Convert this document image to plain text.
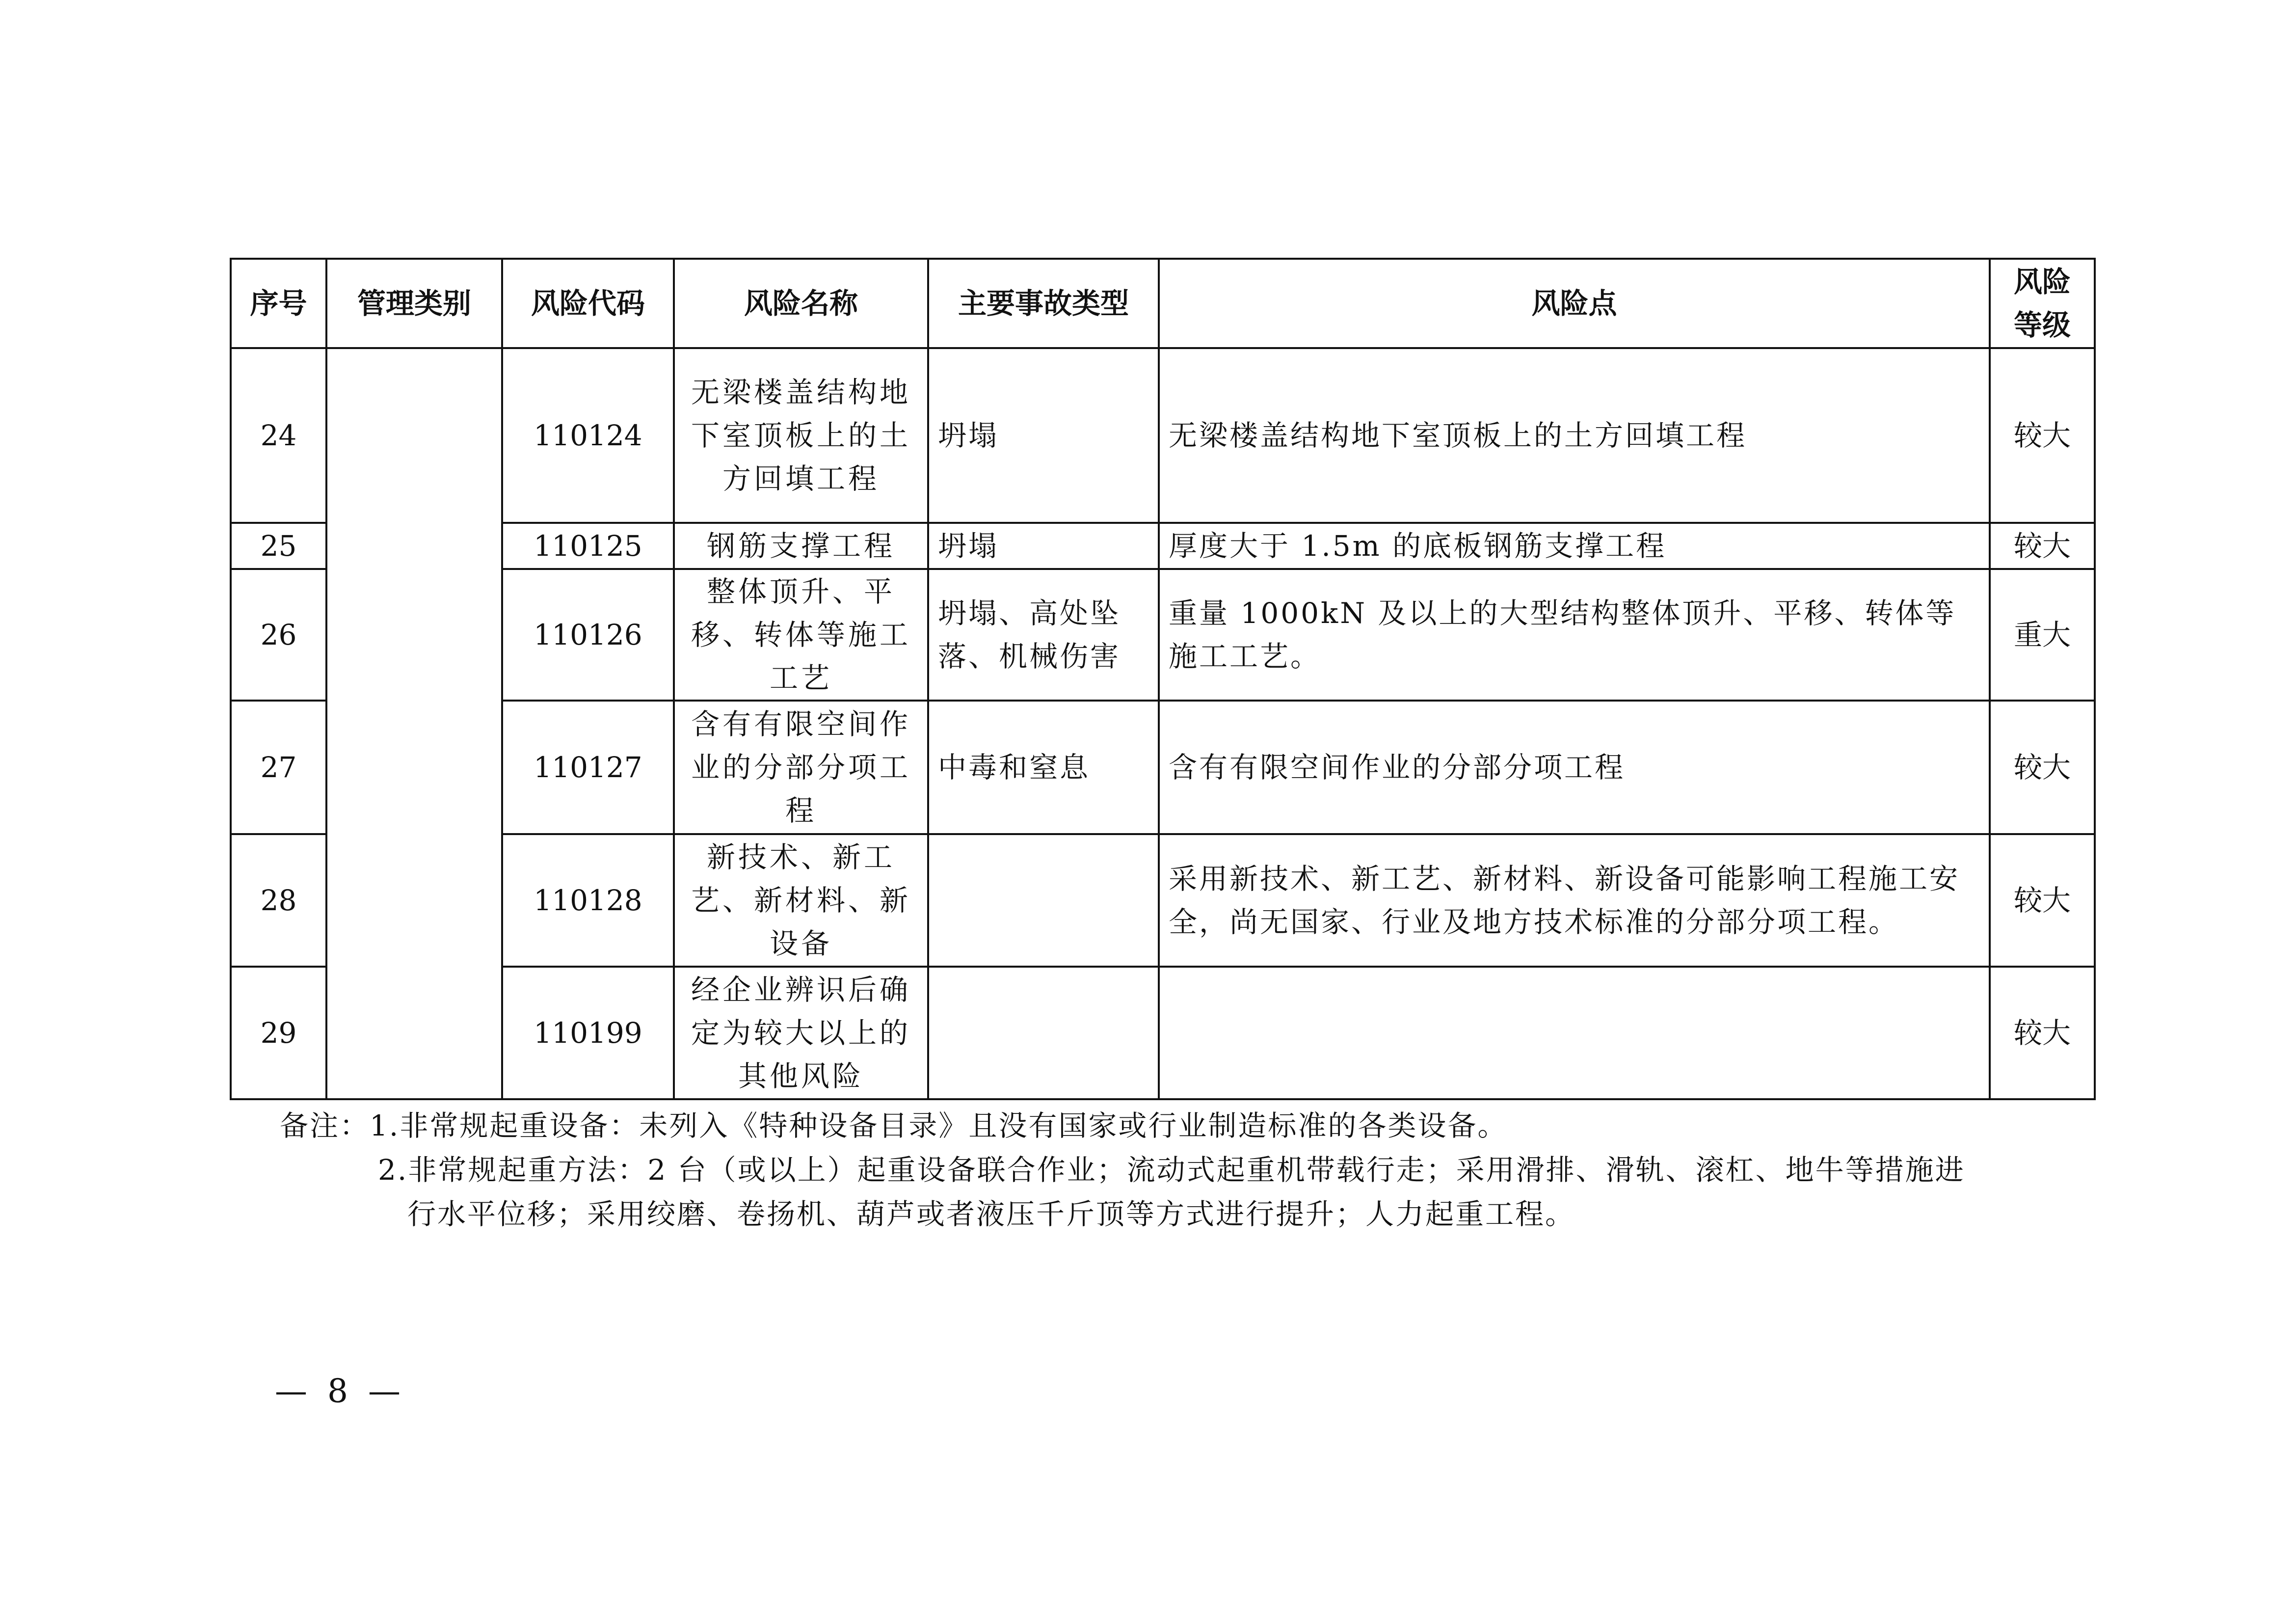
序号	管理类别	风险代码	风险名称	主要事故类型	风险点	风险等级
24		110124	无梁楼盖结构地下室顶板上的土方回填工程	坍塌	无梁楼盖结构地下室顶板上的土方回填工程	较大
25		110125	钢筋支撑工程	坍塌	厚度大于 1.5m 的底板钢筋支撑工程	较大
26		110126	整体顶升、平移、转体等施工工艺	坍塌、高处坠落、机械伤害	重量 1000kN 及以上的大型结构整体顶升、平移、转体等施工工艺。	重大
27		110127	含有有限空间作业的分部分项工程	中毒和窒息	含有有限空间作业的分部分项工程	较大
28		110128	新技术、新工艺、新材料、新设备		采用新技术、新工艺、新材料、新设备可能影响工程施工安全，尚无国家、行业及地方技术标准的分部分项工程。	较大
29		110199	经企业辨识后确定为较大以上的其他风险			较大
备注：1.非常规起重设备：未列入《特种设备目录》且没有国家或行业制造标准的各类设备。
2.非常规起重方法：2 台（或以上）起重设备联合作业；流动式起重机带载行走；采用滑排、滑轨、滚杠、地牛等措施进
行水平位移；采用绞磨、卷扬机、葫芦或者液压千斤顶等方式进行提升；人力起重工程。
— 8 —
